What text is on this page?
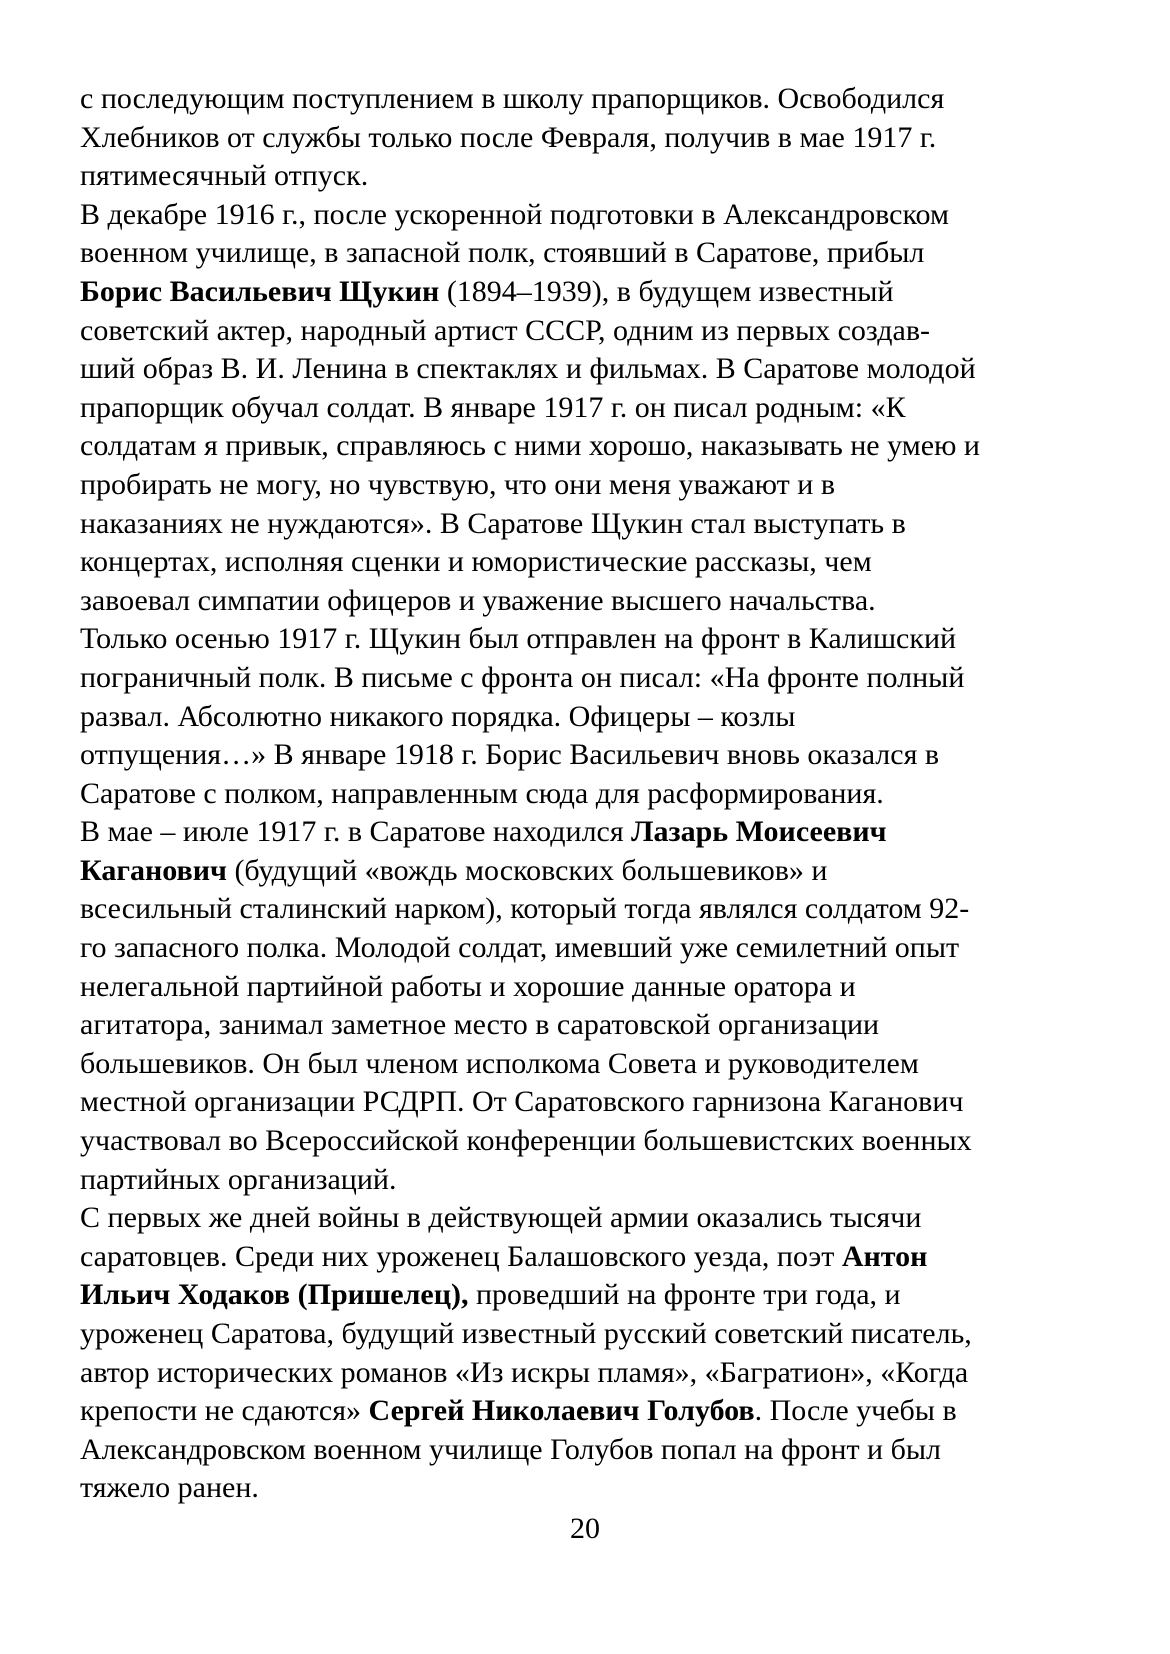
с последующим поступлением в школу прапорщиков. Освободился
Хлебников от службы только после Февраля, получив в мае 1917 г.
пятимесячный отпуск.
В декабре 1916 г., после ускоренной подготовки в Александровском
военном училище, в запасной полк, стоявший в Саратове, прибыл
Борис Васильевич Щукин (1894–1939), в будущем известный
советский актер, народный артист СССР, одним из первых создав-
ший образ В. И. Ленина в спектаклях и фильмах. В Саратове молодой
прапорщик обучал солдат. В январе 1917 г. он писал родным: «К
солдатам я привык, справляюсь с ними хорошо, наказывать не умею и
пробирать не могу, но чувствую, что они меня уважают и в
наказаниях не нуждаются». В Саратове Щукин стал выступать в
концертах, исполняя сценки и юмористические рассказы, чем
завоевал симпатии офицеров и уважение высшего начальства.
Только осенью 1917 г. Щукин был отправлен на фронт в Калишский
пограничный полк. В письме с фронта он писал: «На фронте полный
развал. Абсолютно никакого порядка. Офицеры – козлы
отпущения…» В январе 1918 г. Борис Васильевич вновь оказался в
Саратове с полком, направленным сюда для расформирования.
В мае – июле 1917 г. в Саратове находился Лазарь Моисеевич
Каганович (будущий «вождь московских большевиков» и
всесильный сталинский нарком), который тогда являлся солдатом 92-
го запасного полка. Молодой солдат, имевший уже семилетний опыт
нелегальной партийной работы и хорошие данные оратора и
агитатора, занимал заметное место в саратовской организации
большевиков. Он был членом исполкома Совета и руководителем
местной организации РСДРП. От Саратовского гарнизона Каганович
участвовал во Всероссийской конференции большевистских военных
партийных организаций.
С первых же дней войны в действующей армии оказались тысячи
саратовцев. Среди них уроженец Балашовского уезда, поэт Антон
Ильич Ходаков (Пришелец), проведший на фронте три года, и
уроженец Саратова, будущий известный русский советский писатель,
автор исторических романов «Из искры пламя», «Багратион», «Когда
крепости не сдаются» Сергей Николаевич Голубов. После учебы в
Александровском военном училище Голубов попал на фронт и был
тяжело ранен.
20
